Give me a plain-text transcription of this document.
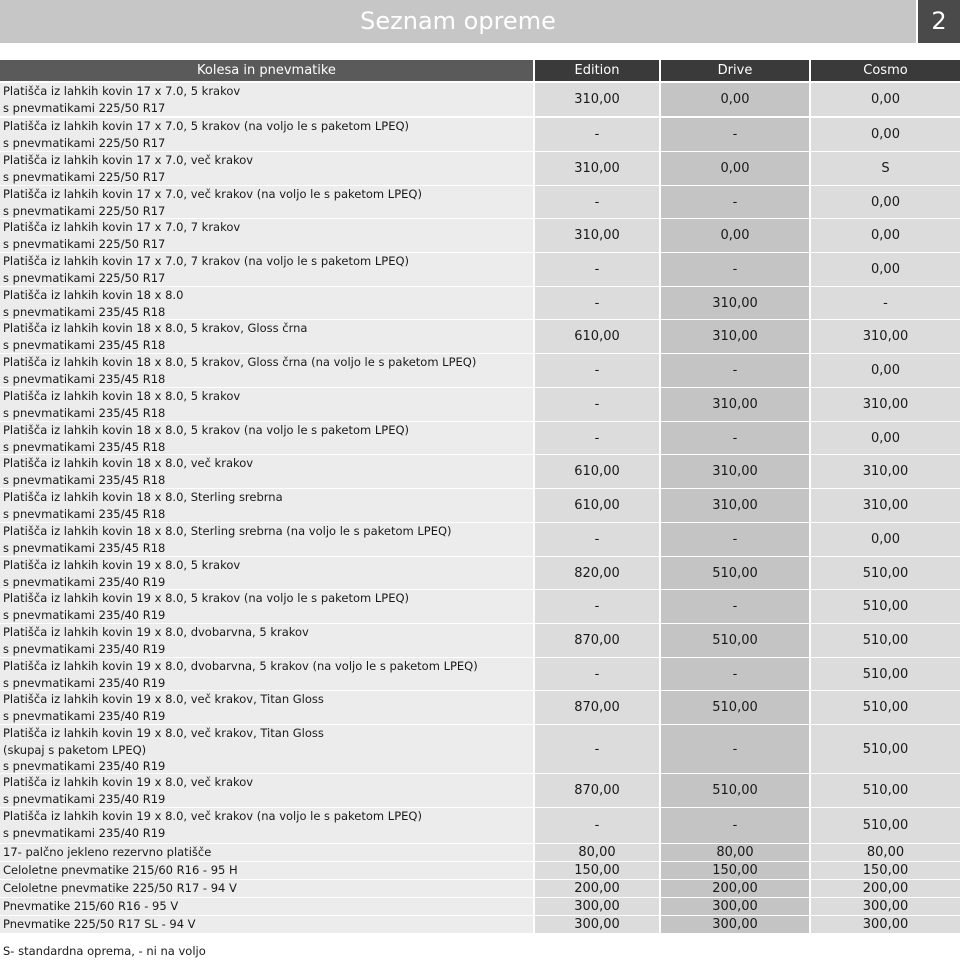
Seznam opreme	2
Kolesa in pnevmatike	Edition	Drive	Cosmo
Platišča iz lahkih kovin 17 x 7.0, 5 krakov
s pnevmatikami 225/50 R17
310,00	0,00	0,00
Platišča iz lahkih kovin 17 x 7.0, 5 krakov (na voljo le s paketom LPEQ)
s pnevmatikami 225/50 R17
-	-	0,00
Platišča iz lahkih kovin 17 x 7.0, več krakov
s pnevmatikami 225/50 R17
310,00	0,00	S
Platišča iz lahkih kovin 17 x 7.0, več krakov (na voljo le s paketom LPEQ)
s pnevmatikami 225/50 R17
-	-	0,00
Platišča iz lahkih kovin 17 x 7.0, 7 krakov
s pnevmatikami 225/50 R17
310,00	0,00	0,00
Platišča iz lahkih kovin 17 x 7.0, 7 krakov (na voljo le s paketom LPEQ)
s pnevmatikami 225/50 R17
-	-	0,00
Platišča iz lahkih kovin 18 x 8.0
s pnevmatikami 235/45 R18
-	310,00	-
Platišča iz lahkih kovin 18 x 8.0, 5 krakov, Gloss črna
s pnevmatikami 235/45 R18
610,00	310,00	310,00
Platišča iz lahkih kovin 18 x 8.0, 5 krakov, Gloss črna (na voljo le s paketom LPEQ)
s pnevmatikami 235/45 R18
-	-	0,00
Platišča iz lahkih kovin 18 x 8.0, 5 krakov
s pnevmatikami 235/45 R18
-	310,00	310,00
Platišča iz lahkih kovin 18 x 8.0, 5 krakov (na voljo le s paketom LPEQ)
s pnevmatikami 235/45 R18
-	-	0,00
Platišča iz lahkih kovin 18 x 8.0, več krakov
s pnevmatikami 235/45 R18
610,00	310,00	310,00
Platišča iz lahkih kovin 18 x 8.0, Sterling srebrna
s pnevmatikami 235/45 R18
610,00	310,00	310,00
Platišča iz lahkih kovin 18 x 8.0, Sterling srebrna (na voljo le s paketom LPEQ)
s pnevmatikami 235/45 R18
-	-	0,00
Platišča iz lahkih kovin 19 x 8.0, 5 krakov
s pnevmatikami 235/40 R19
820,00	510,00	510,00
Platišča iz lahkih kovin 19 x 8.0, 5 krakov (na voljo le s paketom LPEQ)
s pnevmatikami 235/40 R19
-	-	510,00
Platišča iz lahkih kovin 19 x 8.0, dvobarvna, 5 krakov
s pnevmatikami 235/40 R19
870,00	510,00	510,00
Platišča iz lahkih kovin 19 x 8.0, dvobarvna, 5 krakov (na voljo le s paketom LPEQ)
s pnevmatikami 235/40 R19
-	-	510,00
Platišča iz lahkih kovin 19 x 8.0, več krakov, Titan Gloss
s pnevmatikami 235/40 R19
870,00	510,00	510,00
Platišča iz lahkih kovin 19 x 8.0, več krakov, Titan Gloss
(skupaj s paketom LPEQ)
s pnevmatikami 235/40 R19
-	-	510,00
Platišča iz lahkih kovin 19 x 8.0, več krakov
s pnevmatikami 235/40 R19
870,00	510,00	510,00
Platišča iz lahkih kovin 19 x 8.0, več krakov (na voljo le s paketom LPEQ)
s pnevmatikami 235/40 R19	-	-	510,00
17- palčno jekleno rezervno platišče	80,00	80,00	80,00
Celoletne pnevmatike 215/60 R16 - 95 H	150,00	150,00	150,00
Celoletne pnevmatike 225/50 R17 - 94 V	200,00	200,00	200,00
Pnevmatike 215/60 R16 - 95 V	300,00	300,00	300,00
Pnevmatike 225/50 R17 SL - 94 V	300,00	300,00	300,00
S- standardna oprema, - ni na voljo
